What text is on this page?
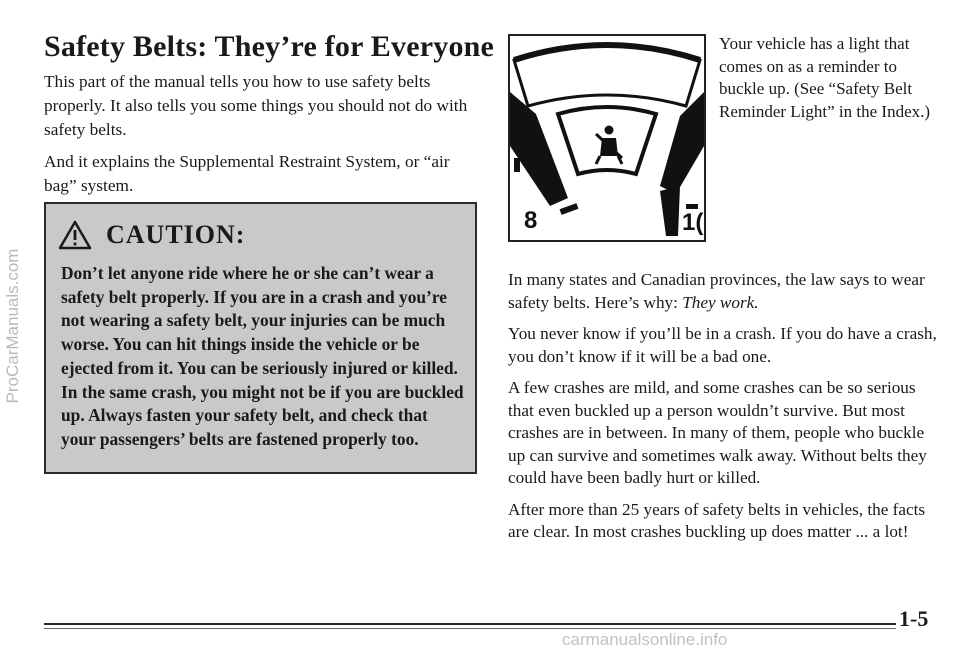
ProCarManuals.com
Safety Belts: They’re for Everyone

This part of the manual tells you how to use safety belts properly. It also tells you some things you should not do with safety belts.

And it explains the Supplemental Restraint System, or “air bag” system.

CAUTION:
Don’t let anyone ride where he or she can’t wear a safety belt properly. If you are in a crash and you’re not wearing a safety belt, your injuries can be much worse. You can hit things inside the vehicle or be ejected from it. You can be seriously injured or killed. In the same crash, you might not be if you are buckled up. Always fasten your safety belt, and check that your passengers’ belts are fastened properly too.
8	1(
Your vehicle has a light that comes on as a reminder to buckle up. (See “Safety Belt Reminder Light” in the Index.)

In many states and Canadian provinces, the law says to wear safety belts. Here’s why: They work.

You never know if you’ll be in a crash. If you do have a crash, you don’t know if it will be a bad one.

A few crashes are mild, and some crashes can be so serious that even buckled up a person wouldn’t survive. But most crashes are in between. In many of them, people who buckle up can survive and sometimes walk away. Without belts they could have been badly hurt or killed.

After more than 25 years of safety belts in vehicles, the facts are clear. In most crashes buckling up does matter ... a lot!

1-5
carmanualsonline.info
